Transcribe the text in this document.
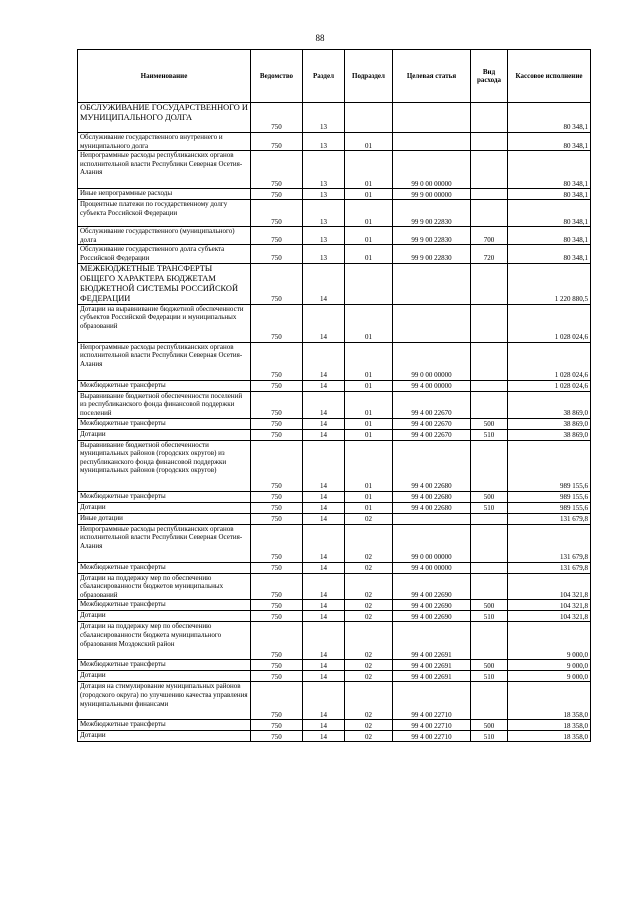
88
Наименование	Ведомство	Раздел	Подраздел	Целевая статья	Вид расхода	Кассовое исполнение
ОБСЛУЖИВАНИЕ ГОСУДАРСТВЕННОГО И МУНИЦИПАЛЬНОГО ДОЛГА	750	13				80 348,1
Обслуживание государственного внутреннего и муниципального долга	750	13	01			80 348,1
Непрограммные расходы республиканских органов исполнительной власти Республики Северная Осетия-Алания	750	13	01	99 0 00 00000		80 348,1
Иные непрограммные расходы	750	13	01	99 9 00 00000		80 348,1
Процентные платежи по государственному долгу субъекта Российской Федерации	750	13	01	99 9 00 22830		80 348,1
Обслуживание государственного (муниципального) долга	750	13	01	99 9 00 22830	700	80 348,1
Обслуживание государственного долга субъекта Российской Федерации	750	13	01	99 9 00 22830	720	80 348,1
МЕЖБЮДЖЕТНЫЕ ТРАНСФЕРТЫ ОБЩЕГО ХАРАКТЕРА БЮДЖЕТАМ БЮДЖЕТНОЙ СИСТЕМЫ РОССИЙСКОЙ ФЕДЕРАЦИИ	750	14				1 220 880,5
Дотации на выравнивание бюджетной обеспеченности субъектов Российской Федерации и муниципальных образований	750	14	01			1 028 024,6
Непрограммные расходы республиканских органов исполнительной власти Республики Северная Осетия-Алания	750	14	01	99 0 00 00000		1 028 024,6
Межбюджетные трансферты	750	14	01	99 4 00 00000		1 028 024,6
Выравнивание бюджетной обеспеченности поселений из республиканского фонда финансовой поддержки поселений	750	14	01	99 4 00 22670		38 869,0
Межбюджетные трансферты	750	14	01	99 4 00 22670	500	38 869,0
Дотации	750	14	01	99 4 00 22670	510	38 869,0
Выравнивание бюджетной обеспеченности муниципальных районов (городских округов) из республиканского фонда финансовой поддержки муниципальных районов (городских округов)	750	14	01	99 4 00 22680		989 155,6
Межбюджетные трансферты	750	14	01	99 4 00 22680	500	989 155,6
Дотации	750	14	01	99 4 00 22680	510	989 155,6
Иные дотации	750	14	02			131 679,8
Непрограммные расходы республиканских органов исполнительной власти Республики Северная Осетия-Алания	750	14	02	99 0 00 00000		131 679,8
Межбюджетные трансферты	750	14	02	99 4 00 00000		131 679,8
Дотации на поддержку мер по обеспечению сбалансированности бюджетов муниципальных образований	750	14	02	99 4 00 22690		104 321,8
Межбюджетные трансферты	750	14	02	99 4 00 22690	500	104 321,8
Дотации	750	14	02	99 4 00 22690	510	104 321,8
Дотации на поддержку мер по обеспечению сбалансированности бюджета муниципального образования Моздокский район	750	14	02	99 4 00 22691		9 000,0
Межбюджетные трансферты	750	14	02	99 4 00 22691	500	9 000,0
Дотации	750	14	02	99 4 00 22691	510	9 000,0
Дотация на стимулирование муниципальных районов (городского округа) по улучшению качества управления муниципальными финансами	750	14	02	99 4 00 22710		18 358,0
Межбюджетные трансферты	750	14	02	99 4 00 22710	500	18 358,0
Дотации	750	14	02	99 4 00 22710	510	18 358,0
